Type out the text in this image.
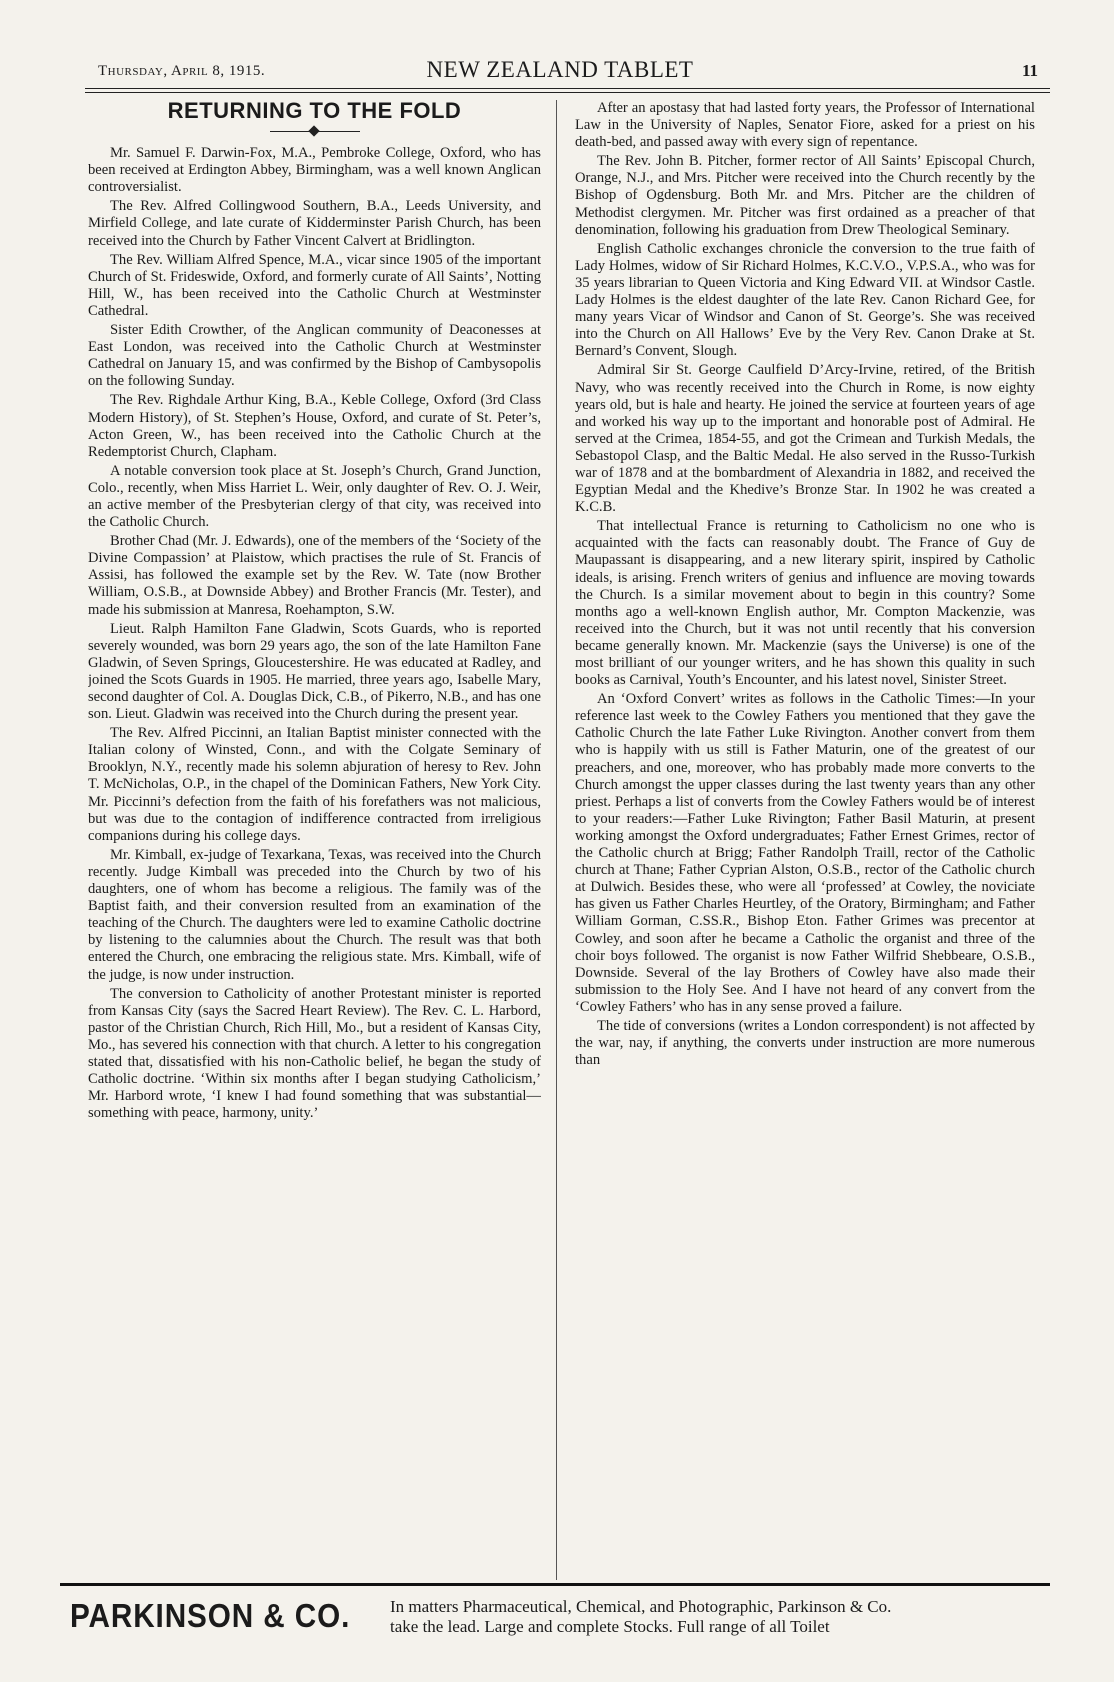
Thursday, April 8, 1915.	NEW ZEALAND TABLET	11
RETURNING TO THE FOLD

Mr. Samuel F. Darwin-Fox, M.A., Pembroke College, Oxford, who has been received at Erdington Abbey, Birmingham, was a well known Anglican controversialist.

The Rev. Alfred Collingwood Southern, B.A., Leeds University, and Mirfield College, and late curate of Kidderminster Parish Church, has been received into the Church by Father Vincent Calvert at Bridlington.

The Rev. William Alfred Spence, M.A., vicar since 1905 of the important Church of St. Frideswide, Oxford, and formerly curate of All Saints’, Notting Hill, W., has been received into the Catholic Church at Westminster Cathedral.

Sister Edith Crowther, of the Anglican community of Deaconesses at East London, was received into the Catholic Church at Westminster Cathedral on January 15, and was confirmed by the Bishop of Cambysopolis on the following Sunday.

The Rev. Righdale Arthur King, B.A., Keble College, Oxford (3rd Class Modern History), of St. Stephen’s House, Oxford, and curate of St. Peter’s, Acton Green, W., has been received into the Catholic Church at the Redemptorist Church, Clapham.

A notable conversion took place at St. Joseph’s Church, Grand Junction, Colo., recently, when Miss Harriet L. Weir, only daughter of Rev. O. J. Weir, an active member of the Presbyterian clergy of that city, was received into the Catholic Church.

Brother Chad (Mr. J. Edwards), one of the members of the ‘Society of the Divine Compassion’ at Plaistow, which practises the rule of St. Francis of Assisi, has followed the example set by the Rev. W. Tate (now Brother William, O.S.B., at Downside Abbey) and Brother Francis (Mr. Tester), and made his submission at Manresa, Roehampton, S.W.

Lieut. Ralph Hamilton Fane Gladwin, Scots Guards, who is reported severely wounded, was born 29 years ago, the son of the late Hamilton Fane Gladwin, of Seven Springs, Gloucestershire. He was educated at Radley, and joined the Scots Guards in 1905. He married, three years ago, Isabelle Mary, second daughter of Col. A. Douglas Dick, C.B., of Pikerro, N.B., and has one son. Lieut. Gladwin was received into the Church during the present year.

The Rev. Alfred Piccinni, an Italian Baptist minister connected with the Italian colony of Winsted, Conn., and with the Colgate Seminary of Brooklyn, N.Y., recently made his solemn abjuration of heresy to Rev. John T. McNicholas, O.P., in the chapel of the Dominican Fathers, New York City. Mr. Piccinni’s defection from the faith of his forefathers was not malicious, but was due to the contagion of indifference contracted from irreligious companions during his college days.

Mr. Kimball, ex-judge of Texarkana, Texas, was received into the Church recently. Judge Kimball was preceded into the Church by two of his daughters, one of whom has become a religious. The family was of the Baptist faith, and their conversion resulted from an examination of the teaching of the Church. The daughters were led to examine Catholic doctrine by listening to the calumnies about the Church. The result was that both entered the Church, one embracing the religious state. Mrs. Kimball, wife of the judge, is now under instruction.

The conversion to Catholicity of another Protestant minister is reported from Kansas City (says the Sacred Heart Review). The Rev. C. L. Harbord, pastor of the Christian Church, Rich Hill, Mo., but a resident of Kansas City, Mo., has severed his connection with that church. A letter to his congregation stated that, dissatisfied with his non-Catholic belief, he began the study of Catholic doctrine. ‘Within six months after I began studying Catholicism,’ Mr. Harbord wrote, ‘I knew I had found something that was substantial—something with peace, harmony, unity.’

After an apostasy that had lasted forty years, the Professor of International Law in the University of Naples, Senator Fiore, asked for a priest on his death-bed, and passed away with every sign of repentance.

The Rev. John B. Pitcher, former rector of All Saints’ Episcopal Church, Orange, N.J., and Mrs. Pitcher were received into the Church recently by the Bishop of Ogdensburg. Both Mr. and Mrs. Pitcher are the children of Methodist clergymen. Mr. Pitcher was first ordained as a preacher of that denomination, following his graduation from Drew Theological Seminary.

English Catholic exchanges chronicle the conversion to the true faith of Lady Holmes, widow of Sir Richard Holmes, K.C.V.O., V.P.S.A., who was for 35 years librarian to Queen Victoria and King Edward VII. at Windsor Castle. Lady Holmes is the eldest daughter of the late Rev. Canon Richard Gee, for many years Vicar of Windsor and Canon of St. George’s. She was received into the Church on All Hallows’ Eve by the Very Rev. Canon Drake at St. Bernard’s Convent, Slough.

Admiral Sir St. George Caulfield D’Arcy-Irvine, retired, of the British Navy, who was recently received into the Church in Rome, is now eighty years old, but is hale and hearty. He joined the service at fourteen years of age and worked his way up to the important and honorable post of Admiral. He served at the Crimea, 1854-55, and got the Crimean and Turkish Medals, the Sebastopol Clasp, and the Baltic Medal. He also served in the Russo-Turkish war of 1878 and at the bombardment of Alexandria in 1882, and received the Egyptian Medal and the Khedive’s Bronze Star. In 1902 he was created a K.C.B.

That intellectual France is returning to Catholicism no one who is acquainted with the facts can reasonably doubt. The France of Guy de Maupassant is disappearing, and a new literary spirit, inspired by Catholic ideals, is arising. French writers of genius and influence are moving towards the Church. Is a similar movement about to begin in this country? Some months ago a well-known English author, Mr. Compton Mackenzie, was received into the Church, but it was not until recently that his conversion became generally known. Mr. Mackenzie (says the Universe) is one of the most brilliant of our younger writers, and he has shown this quality in such books as Carnival, Youth’s Encounter, and his latest novel, Sinister Street.

An ‘Oxford Convert’ writes as follows in the Catholic Times:—In your reference last week to the Cowley Fathers you mentioned that they gave the Catholic Church the late Father Luke Rivington. Another convert from them who is happily with us still is Father Maturin, one of the greatest of our preachers, and one, moreover, who has probably made more converts to the Church amongst the upper classes during the last twenty years than any other priest. Perhaps a list of converts from the Cowley Fathers would be of interest to your readers:—Father Luke Rivington; Father Basil Maturin, at present working amongst the Oxford undergraduates; Father Ernest Grimes, rector of the Catholic church at Brigg; Father Randolph Traill, rector of the Catholic church at Thane; Father Cyprian Alston, O.S.B., rector of the Catholic church at Dulwich. Besides these, who were all ‘professed’ at Cowley, the noviciate has given us Father Charles Heurtley, of the Oratory, Birmingham; and Father William Gorman, C.SS.R., Bishop Eton. Father Grimes was precentor at Cowley, and soon after he became a Catholic the organist and three of the choir boys followed. The organist is now Father Wilfrid Shebbeare, O.S.B., Downside. Several of the lay Brothers of Cowley have also made their submission to the Holy See. And I have not heard of any convert from the ‘Cowley Fathers’ who has in any sense proved a failure.

The tide of conversions (writes a London correspondent) is not affected by the war, nay, if anything, the converts under instruction are more numerous than

PARKINSON & CO. In matters Pharmaceutical, Chemical, and Photographic, Parkinson & Co.
take the lead. Large and complete Stocks. Full range of all Toilet
